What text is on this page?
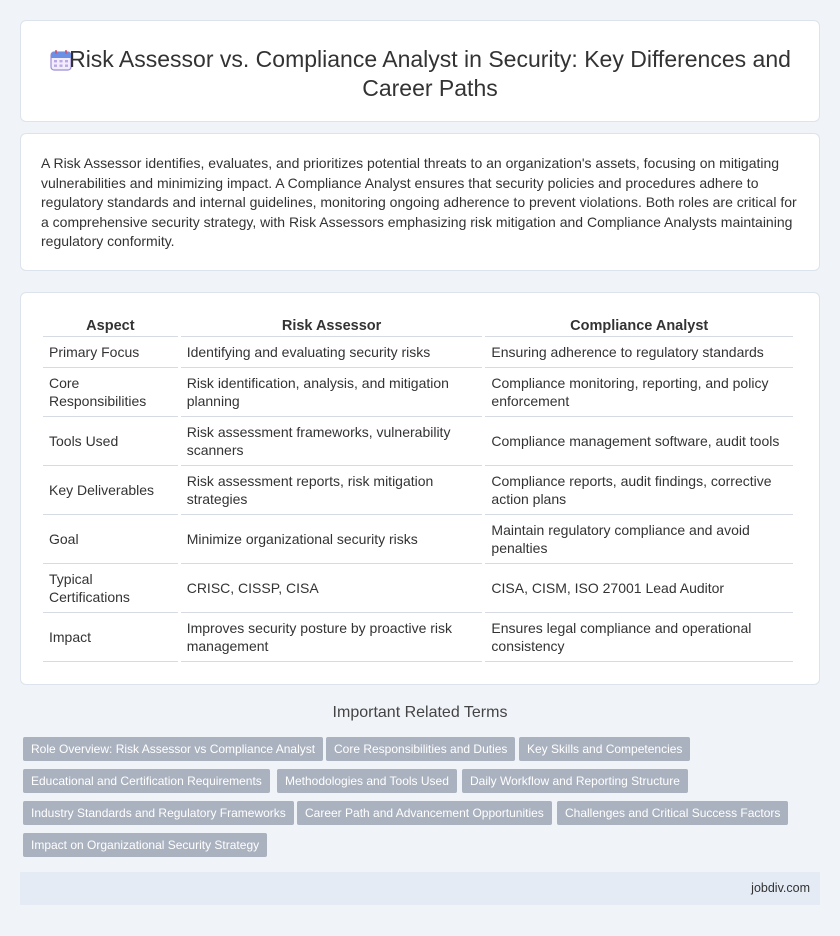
Risk Assessor vs. Compliance Analyst in Security: Key Differences and Career Paths

A Risk Assessor identifies, evaluates, and prioritizes potential threats to an organization's assets, focusing on mitigating vulnerabilities and minimizing impact. A Compliance Analyst ensures that security policies and procedures adhere to regulatory standards and internal guidelines, monitoring ongoing adherence to prevent violations. Both roles are critical for a comprehensive security strategy, with Risk Assessors emphasizing risk mitigation and Compliance Analysts maintaining regulatory conformity.

Aspect	Risk Assessor	Compliance Analyst
Primary Focus	Identifying and evaluating security risks	Ensuring adherence to regulatory standards
Core Responsibilities	Risk identification, analysis, and mitigation planning	Compliance monitoring, reporting, and policy enforcement
Tools Used	Risk assessment frameworks, vulnerability scanners	Compliance management software, audit tools
Key Deliverables	Risk assessment reports, risk mitigation strategies	Compliance reports, audit findings, corrective action plans
Goal	Minimize organizational security risks	Maintain regulatory compliance and avoid penalties
Typical Certifications	CRISC, CISSP, CISA	CISA, CISM, ISO 27001 Lead Auditor
Impact	Improves security posture by proactive risk management	Ensures legal compliance and operational consistency
Important Related Terms
Role Overview: Risk Assessor vs Compliance Analyst	Core Responsibilities and Duties	Key Skills and Competencies
Educational and Certification Requirements	Methodologies and Tools Used	Daily Workflow and Reporting Structure
Industry Standards and Regulatory Frameworks	Career Path and Advancement Opportunities	Challenges and Critical Success Factors
Impact on Organizational Security Strategy
jobdiv.com
